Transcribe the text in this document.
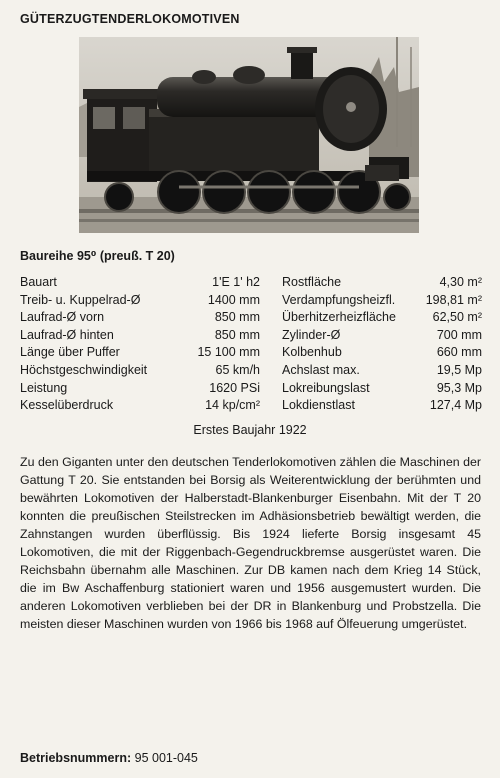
GÜTERZUGTENDERLOKOMOTIVEN
Baureihe 95⁰ (preuß. T 20)
Bauart	1'E 1' h2 Rostfläche	4,30 m²
Treib- u. Kuppelrad-Ø	1400 mm Verdampfungsheizfl.	198,81 m²
Laufrad-Ø vorn	850 mm Überhitzerheizfläche	62,50 m²
Laufrad-Ø hinten	850 mm Zylinder-Ø	700 mm
Länge über Puffer	15 100 mm Kolbenhub	660 mm
Höchstgeschwindigkeit	65 km/h Achslast max.	19,5 Mp
Leistung	1620 PSi Lokreibungslast	95,3 Mp
Kesselüberdruck	14 kp/cm² Lokdienstlast	127,4 Mp
Erstes Baujahr 1922

Zu den Giganten unter den deutschen Tenderlokomotiven zählen die Maschinen der Gattung T 20. Sie entstanden bei Borsig als Weiterentwicklung der berühmten und bewährten Lokomotiven der Halberstadt-Blankenburger Eisenbahn. Mit der T 20 konnten die preußischen Steilstrecken im Adhäsionsbetrieb bewältigt werden, die Zahnstangen wurden überflüssig. Bis 1924 lieferte Borsig insgesamt 45 Lokomotiven, die mit der Riggenbach-Gegendruckbremse ausgerüstet waren. Die Reichsbahn übernahm alle Maschinen. Zur DB kamen nach dem Krieg 14 Stück, die im Bw Aschaffenburg stationiert waren und 1956 ausgemustert wurden. Die anderen Lokomotiven verblieben bei der DR in Blankenburg und Probstzella. Die meisten dieser Maschinen wurden von 1966 bis 1968 auf Ölfeuerung umgerüstet.

Betriebsnummern: 95 001-045
